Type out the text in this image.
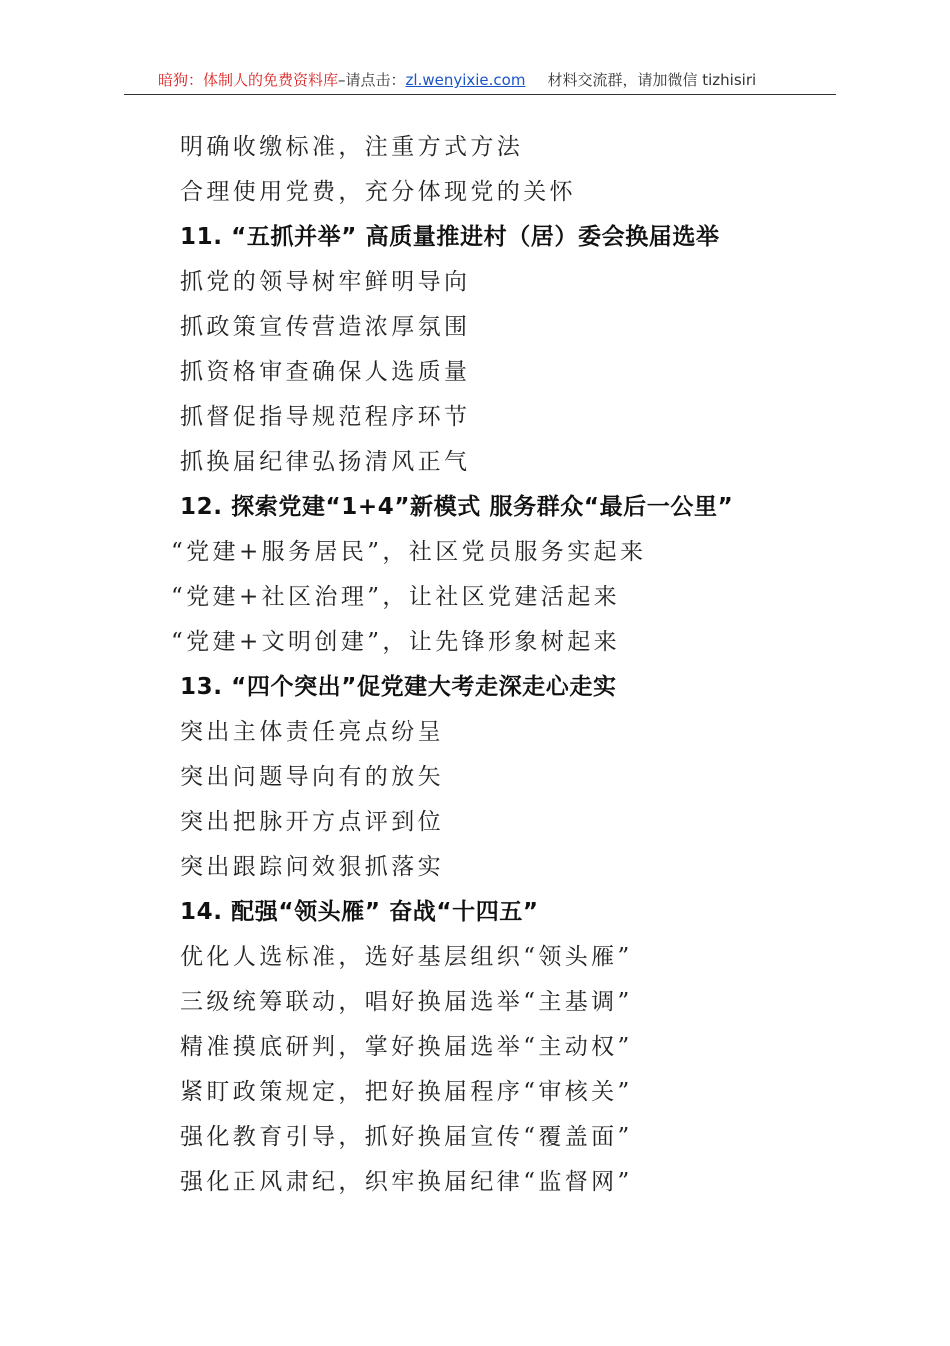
暗狗：体制人的免费资料库–请点击：zl.wenyixie.com 材料交流群，请加微信 tizhisiri
明确收缴标准，注重方式方法
合理使用党费，充分体现党的关怀
11. “五抓并举” 高质量推进村（居）委会换届选举
抓党的领导树牢鲜明导向
抓政策宣传营造浓厚氛围
抓资格审查确保人选质量
抓督促指导规范程序环节
抓换届纪律弘扬清风正气
12. 探索党建“1+4”新模式 服务群众“最后一公里”
“党建+服务居民”，社区党员服务实起来
“党建+社区治理”，让社区党建活起来
“党建+文明创建”，让先锋形象树起来
13. “四个突出”促党建大考走深走心走实
突出主体责任亮点纷呈
突出问题导向有的放矢
突出把脉开方点评到位
突出跟踪问效狠抓落实
14. 配强“领头雁” 奋战“十四五”
优化人选标准，选好基层组织“领头雁”
三级统筹联动，唱好换届选举“主基调”
精准摸底研判，掌好换届选举“主动权”
紧盯政策规定，把好换届程序“审核关”
强化教育引导，抓好换届宣传“覆盖面”
强化正风肃纪，织牢换届纪律“监督网”
